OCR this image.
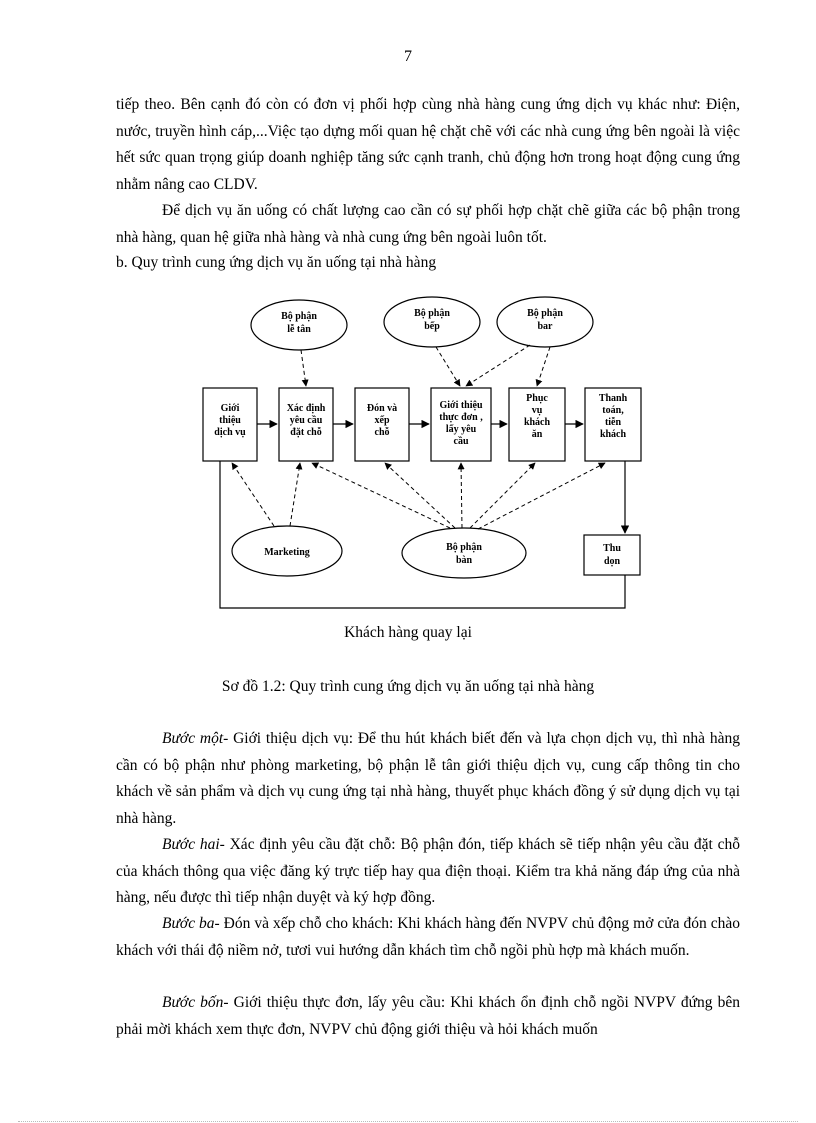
7

tiếp theo. Bên cạnh đó còn có đơn vị phối hợp cùng nhà hàng cung ứng dịch vụ khác như: Điện, nước, truyền hình cáp,...Việc tạo dựng mối quan hệ chặt chẽ với các nhà cung ứng bên ngoài là việc hết sức quan trọng giúp doanh nghiệp tăng sức cạnh tranh, chủ động hơn trong hoạt động cung ứng nhằm nâng cao CLDV.

Để dịch vụ ăn uống có chất lượng cao cần có sự phối hợp chặt chẽ giữa các bộ phận trong nhà hàng, quan hệ giữa nhà hàng và nhà cung ứng bên ngoài luôn tốt.

b. Quy trình cung ứng dịch vụ ăn uống tại nhà hàng

Bộ phận
lễ tân
Bộ phận
bếp
Bộ phận
bar
Giới
thiệu
dịch vụ
Xác định
yêu cầu
đặt chỗ
Đón và
xếp
chỗ
Giới thiệu
thực đơn ,
lấy yêu
cầu
Phục
vụ
khách
ăn
Thanh
toán,
tiễn
khách
Thu
dọn
Marketing	Bộ phận
bàn
Khách hàng quay lại
Sơ đồ 1.2: Quy trình cung ứng dịch vụ ăn uống tại nhà hàng

Bước một- Giới thiệu dịch vụ: Để thu hút khách biết đến và lựa chọn dịch vụ, thì nhà hàng cần có bộ phận như phòng marketing, bộ phận lễ tân giới thiệu dịch vụ, cung cấp thông tin cho khách về sản phẩm và dịch vụ cung ứng tại nhà hàng, thuyết phục khách đồng ý sử dụng dịch vụ tại nhà hàng.

Bước hai- Xác định yêu cầu đặt chỗ: Bộ phận đón, tiếp khách sẽ tiếp nhận yêu cầu đặt chỗ của khách thông qua việc đăng ký trực tiếp hay qua điện thoại. Kiểm tra khả năng đáp ứng của nhà hàng, nếu được thì tiếp nhận duyệt và ký hợp đồng.

Bước ba- Đón và xếp chỗ cho khách: Khi khách hàng đến NVPV chủ động mở cửa đón chào khách với thái độ niềm nở, tươi vui hướng dẫn khách tìm chỗ ngồi phù hợp mà khách muốn.

Bước bốn- Giới thiệu thực đơn, lấy yêu cầu: Khi khách ổn định chỗ ngồi NVPV đứng bên phải mời khách xem thực đơn, NVPV chủ động giới thiệu và hỏi khách muốn
